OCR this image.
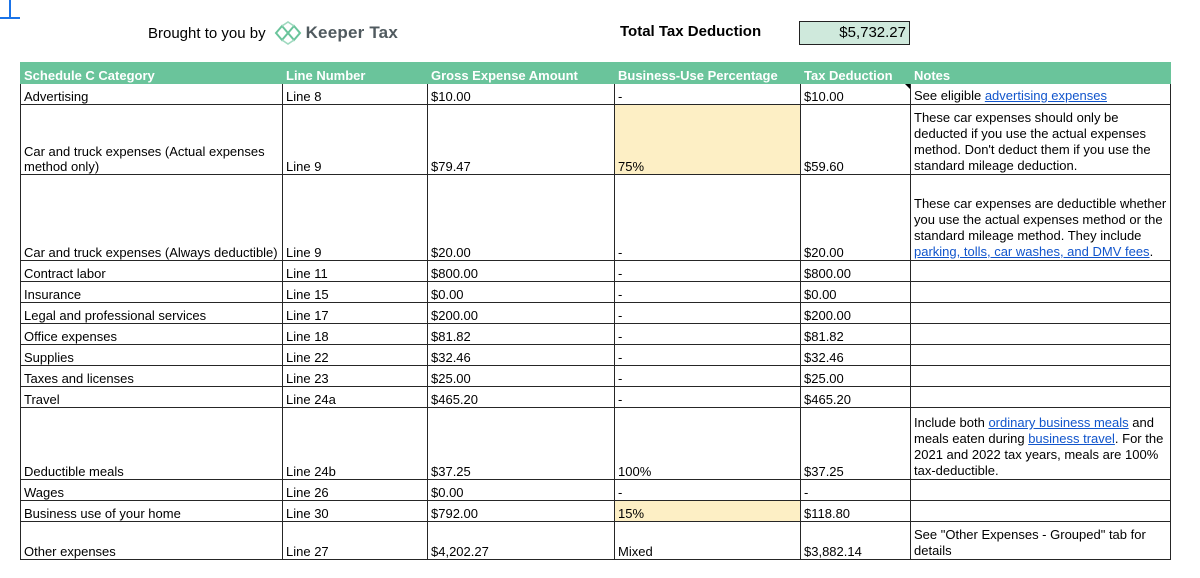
Brought to you by Keeper Tax	Total Tax Deduction	$5,732.27
Schedule C Category	Line Number	Gross Expense Amount	Business-Use Percentage	Tax Deduction	Notes
Advertising	Line 8	$10.00	-	$10.00	See eligible advertising expenses
Car and truck expenses (Actual expenses method only)	Line 9	$79.47	75%	$59.60	These car expenses should only be deducted if you use the actual expenses method. Don't deduct them if you use the standard mileage deduction.
Car and truck expenses (Always deductible)	Line 9	$20.00	-	$20.00	These car expenses are deductible whether you use the actual expenses method or the standard mileage method. They include parking, tolls, car washes, and DMV fees.
Contract labor	Line 11	$800.00	-	$800.00	
Insurance	Line 15	$0.00	-	$0.00	
Legal and professional services	Line 17	$200.00	-	$200.00	
Office expenses	Line 18	$81.82	-	$81.82	
Supplies	Line 22	$32.46	-	$32.46	
Taxes and licenses	Line 23	$25.00	-	$25.00	
Travel	Line 24a	$465.20	-	$465.20	
Deductible meals	Line 24b	$37.25	100%	$37.25	Include both ordinary business meals and meals eaten during business travel. For the 2021 and 2022 tax years, meals are 100% tax-deductible.
Wages	Line 26	$0.00	-	-	
Business use of your home	Line 30	$792.00	15%	$118.80	
Other expenses	Line 27	$4,202.27	Mixed	$3,882.14	See "Other Expenses - Grouped" tab for details
